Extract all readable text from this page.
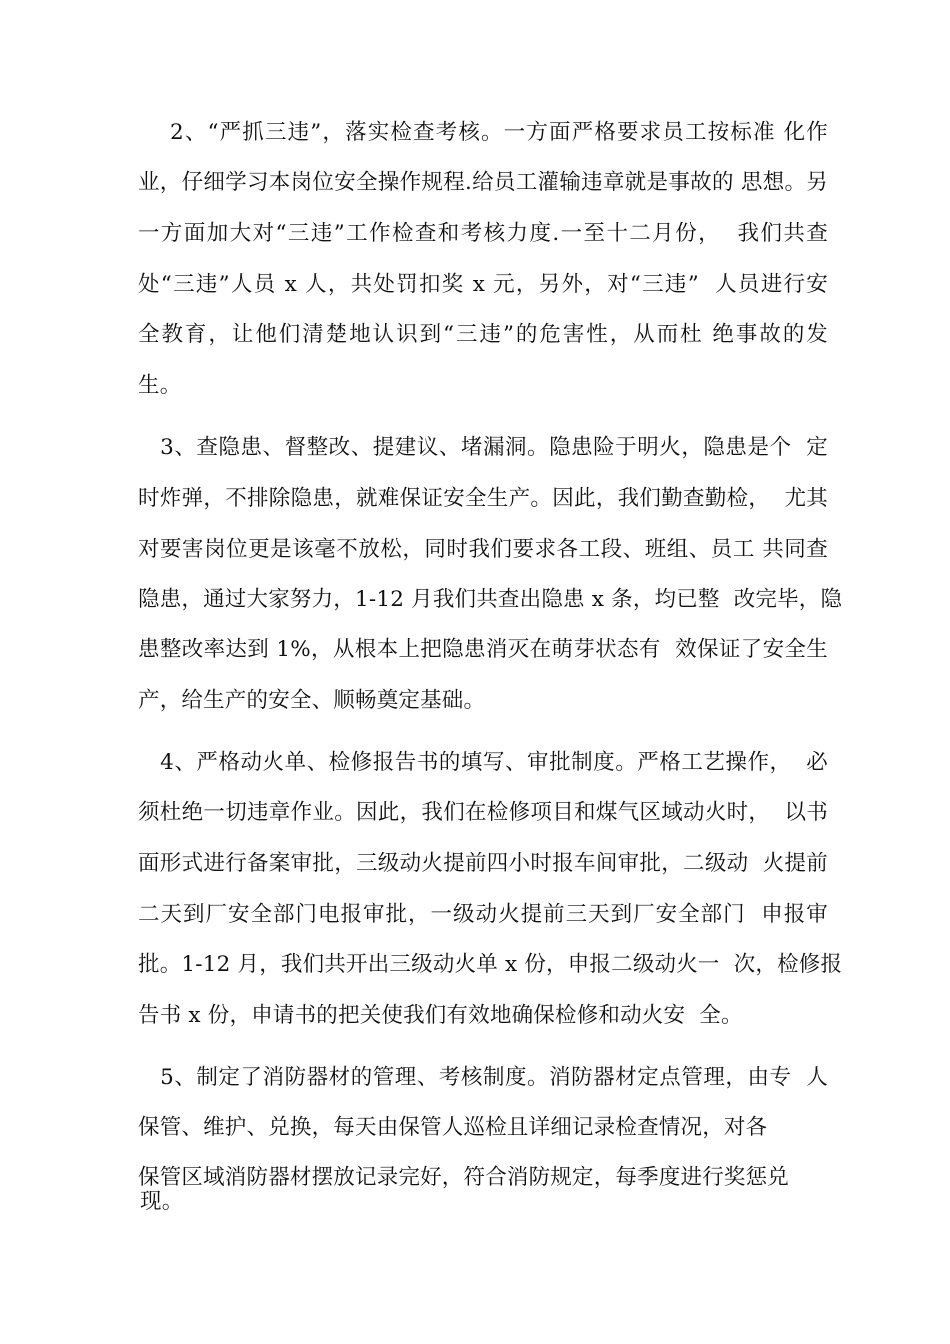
2、“严抓三违”，落实检查考核。一方面严格要求员工按标准 化作
业，仔细学习本岗位安全操作规程.给员工灌输违章就是事故的 思想。另
一方面加大对“三违”工作检查和考核力度.一至十二月份，  我们共查
处“三违”人员 x 人，共处罚扣奖 x 元，另外，对“三违”  人员进行安
全教育，让他们清楚地认识到“三违”的危害性，从而杜 绝事故的发
生。
3、查隐患、督整改、提建议、堵漏洞。隐患险于明火，隐患是个  定
时炸弹，不排除隐患，就难保证安全生产。因此，我们勤查勤检，  尤其
对要害岗位更是该毫不放松，同时我们要求各工段、班组、员工 共同查
隐患，通过大家努力，1-12 月我们共查出隐患 x 条，均已整  改完毕，隐
患整改率达到 1%，从根本上把隐患消灭在萌芽状态有  效保证了安全生
产，给生产的安全、顺畅奠定基础。
4、严格动火单、检修报告书的填写、审批制度。严格工艺操作，  必
须杜绝一切违章作业。因此，我们在检修项目和煤气区域动火时，  以书
面形式进行备案审批，三级动火提前四小时报车间审批，二级动  火提前
二天到厂安全部门电报审批，一级动火提前三天到厂安全部门  申报审
批。1-12 月，我们共开出三级动火单 x 份，申报二级动火一  次，检修报
告书 x 份，申请书的把关使我们有效地确保检修和动火安  全。
5、制定了消防器材的管理、考核制度。消防器材定点管理，由专  人
保管、维护、兑换，每天由保管人巡检且详细记录检查情况，对各
保管区域消防器材摆放记录完好，符合消防规定，每季度进行奖惩兑
现。
